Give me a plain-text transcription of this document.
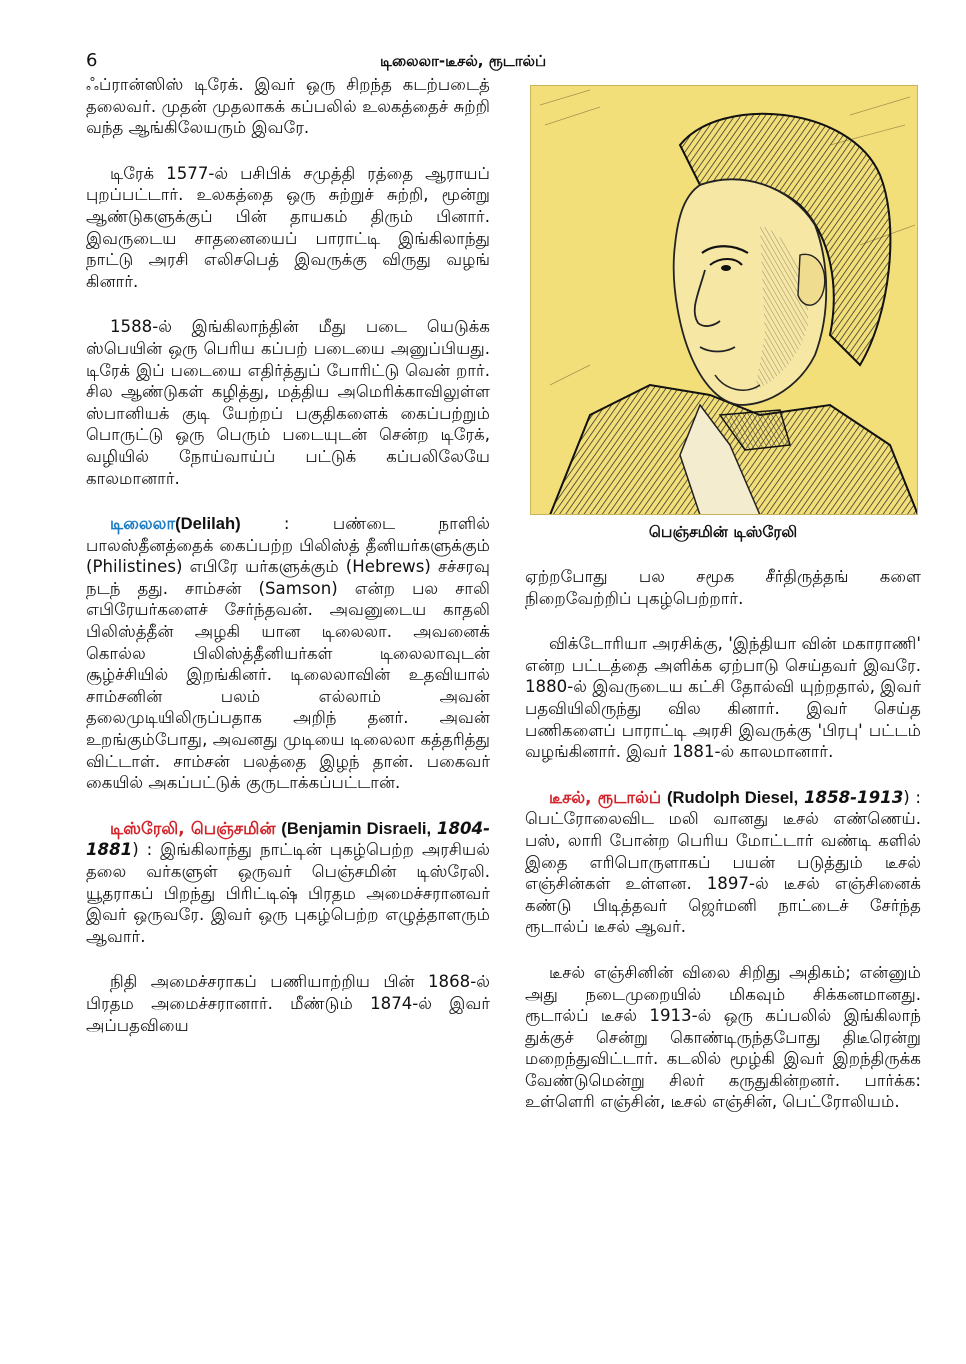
6	டிலைலா-டீசல், ரூடால்ப்

ஃப்ரான்ஸிஸ் டிரேக். இவர் ஒரு சிறந்த கடற்படைத் தலைவர். முதன் முதலாகக் கப்பலில் உலகத்தைச் சுற்றி வந்த ஆங்கிலேயரும் இவரே.

டிரேக் 1577-ல் பசிபிக் சமுத்தி ரத்தை ஆராயப் புறப்பட்டார். உலகத்தை ஒரு சுற்றுச் சுற்றி, மூன்று ஆண்டுகளுக்குப் பின் தாயகம் திரும் பினார். இவருடைய சாதனையைப் பாராட்டி இங்கிலாந்து நாட்டு அரசி எலிசபெத் இவருக்கு விருது வழங் கினார்.

1588-ல் இங்கிலாந்தின் மீது படை யெடுக்க ஸ்பெயின் ஒரு பெரிய கப்பற் படையை அனுப்பியது. டிரேக் இப் படையை எதிர்த்துப் போரிட்டு வென் றார். சில ஆண்டுகள் கழித்து, மத்திய அமெரிக்காவிலுள்ள ஸ்பானியக் குடி யேற்றப் பகுதிகளைக் கைப்பற்றும் பொருட்டு ஒரு பெரும் படையுடன் சென்ற டிரேக், வழியில் நோய்வாய்ப் பட்டுக் கப்பலிலேயே காலமானார்.

டிலைலா(Delilah) : பண்டை நாளில் பாலஸ்தீனத்தைக் கைப்பற்ற பிலிஸ்த் தீனியர்களுக்கும் (Philistines) எபிரே யர்களுக்கும் (Hebrews) சச்சரவு நடந் தது. சாம்சன் (Samson) என்ற பல சாலி எபிரேயர்களைச் சேர்ந்தவன். அவனுடைய காதலி பிலிஸ்த்தீன் அழகி யான டிலைலா. அவனைக் கொல்ல பிலிஸ்த்தீனியர்கள் டிலைலாவுடன் சூழ்ச்சியில் இறங்கினர். டிலைலாவின் உதவியால் சாம்சனின் பலம் எல்லாம் அவன் தலைமுடியிலிருப்பதாக அறிந் தனர். அவன் உறங்கும்போது, அவனது முடியை டிலைலா கத்தரித்து விட்டாள். சாம்சன் பலத்தை இழந் தான். பகைவர் கையில் அகப்பட்டுக் குருடாக்கப்பட்டான்.

டிஸ்ரேலி, பெஞ்சமின் (Benjamin Disraeli, 1804-1881) : இங்கிலாந்து நாட்டின் புகழ்பெற்ற அரசியல் தலை வர்களுள் ஒருவர் பெஞ்சமின் டிஸ்ரேலி. யூதராகப் பிறந்து பிரிட்டிஷ் பிரதம அமைச்சரானவர் இவர் ஒருவரே. இவர் ஒரு புகழ்பெற்ற எழுத்தாளரும் ஆவார்.

நிதி அமைச்சராகப் பணியாற்றிய பின் 1868-ல் பிரதம அமைச்சரானார். மீண்டும் 1874-ல் இவர் அப்பதவியை

பெஞ்சமின் டிஸ்ரேலி

ஏற்றபோது பல சமூக சீர்திருத்தங் களை நிறைவேற்றிப் புகழ்பெற்றார்.

விக்டோரியா அரசிக்கு, 'இந்தியா வின் மகாராணி' என்ற பட்டத்தை அளிக்க ஏற்பாடு செய்தவர் இவரே. 1880-ல் இவருடைய கட்சி தோல்வி யுற்றதால், இவர் பதவியிலிருந்து வில கினார். இவர் செய்த பணிகளைப் பாராட்டி அரசி இவருக்கு 'பிரபு' பட்டம் வழங்கினார். இவர் 1881-ல் காலமானார்.

டீசல், ரூடால்ப் (Rudolph Diesel, 1858-1913) : பெட்ரோலைவிட மலி வானது டீசல் எண்ணெய். பஸ், லாரி போன்ற பெரிய மோட்டார் வண்டி களில் இதை எரிபொருளாகப் பயன் படுத்தும் டீசல் எஞ்சின்கள் உள்ளன. 1897-ல் டீசல் எஞ்சினைக் கண்டு பிடித்தவர் ஜெர்மனி நாட்டைச் சேர்ந்த ரூடால்ப் டீசல் ஆவர்.

டீசல் எஞ்சினின் விலை சிறிது அதிகம்; என்னும் அது நடைமுறையில் மிகவும் சிக்கனமானது. ரூடால்ப் டீசல் 1913-ல் ஒரு கப்பலில் இங்கிலாந் துக்குச் சென்று கொண்டிருந்தபோது திடீரென்று மறைந்துவிட்டார். கடலில் மூழ்கி இவர் இறந்திருக்க வேண்டுமென்று சிலர் கருதுகின்றனர். பார்க்க: உள்ளெரி எஞ்சின், டீசல் எஞ்சின், பெட்ரோலியம்.
